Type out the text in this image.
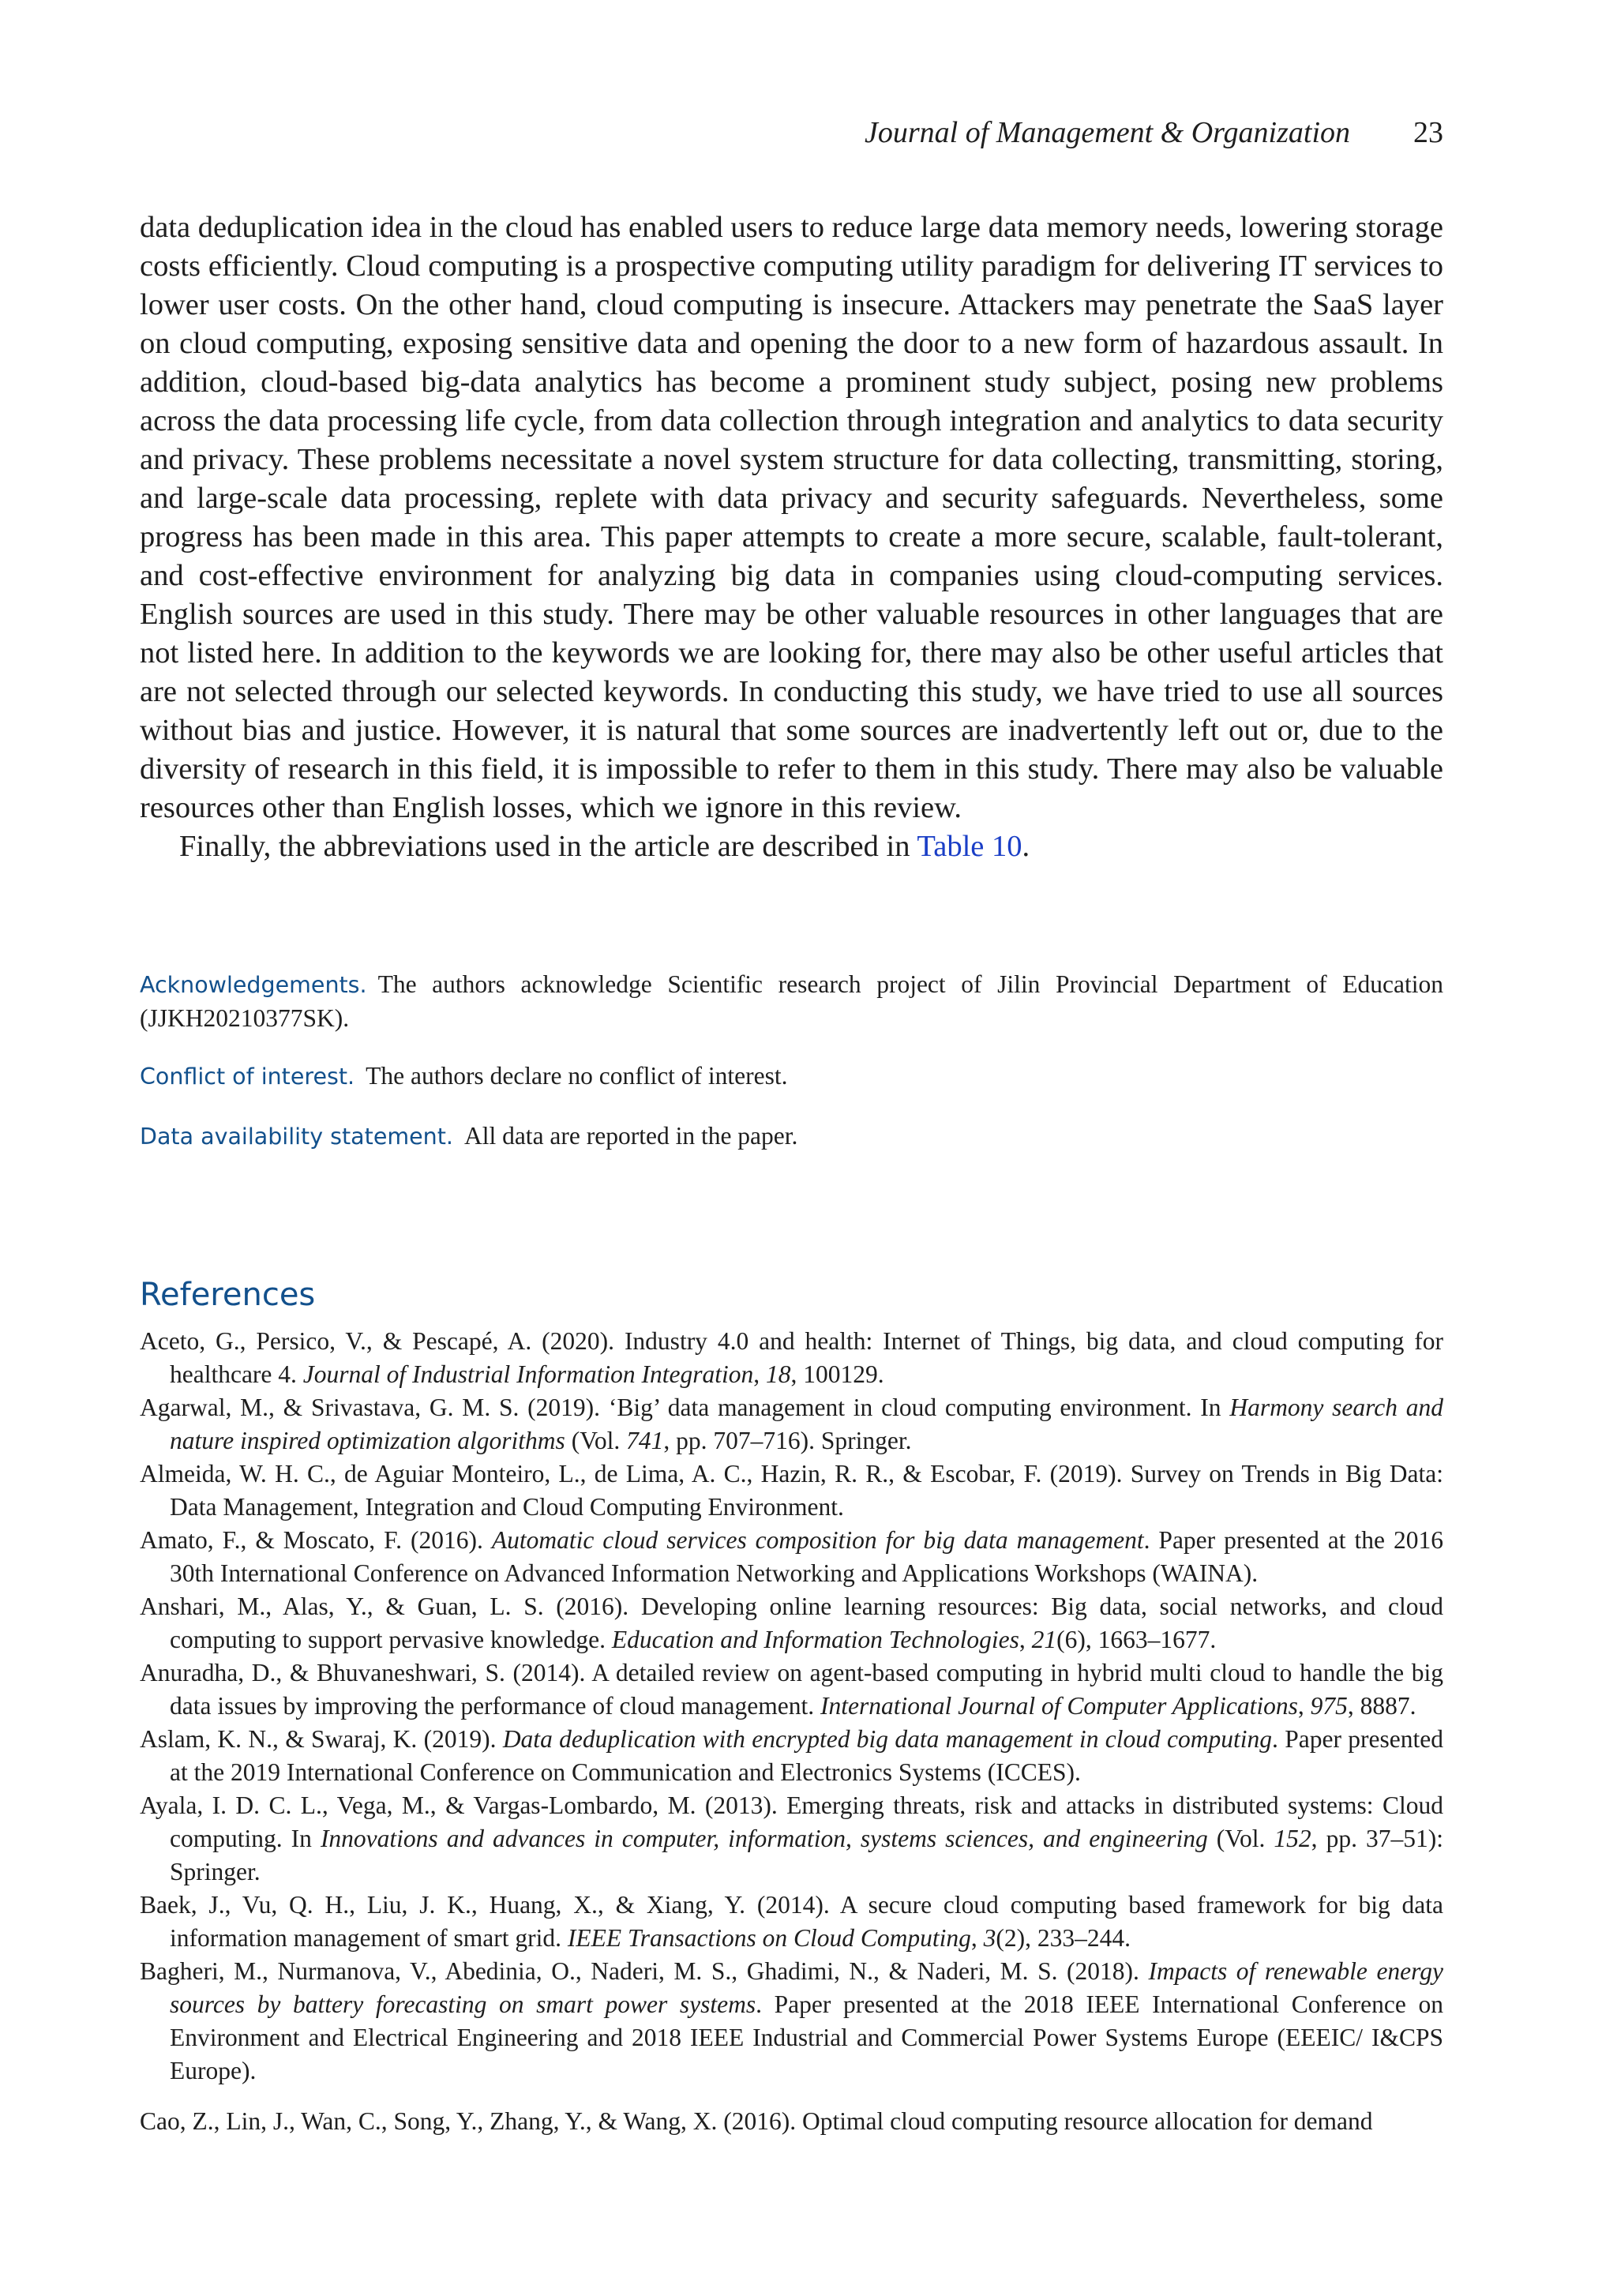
Journal of Management & Organization 23

data deduplication idea in the cloud has enabled users to reduce large data memory needs, lowering storage costs efficiently. Cloud computing is a prospective computing utility paradigm for delivering IT services to lower user costs. On the other hand, cloud computing is insecure. Attackers may penetrate the SaaS layer on cloud computing, exposing sensitive data and opening the door to a new form of hazardous assault. In addition, cloud-based big-data analytics has become a prominent study subject, posing new problems across the data processing life cycle, from data collection through integration and analytics to data security and privacy. These problems necessitate a novel system structure for data collecting, transmitting, storing, and large-scale data processing, replete with data privacy and security safeguards. Nevertheless, some progress has been made in this area. This paper attempts to create a more secure, scalable, fault-tolerant, and cost-effective environment for analyzing big data in companies using cloud-computing services. English sources are used in this study. There may be other valuable resources in other languages that are not listed here. In addition to the keywords we are looking for, there may also be other useful articles that are not selected through our selected keywords. In conducting this study, we have tried to use all sources without bias and justice. However, it is natural that some sources are inadvertently left out or, due to the diversity of research in this field, it is impossible to refer to them in this study. There may also be valuable resources other than English losses, which we ignore in this review.

Finally, the abbreviations used in the article are described in Table 10.

Acknowledgements. The authors acknowledge Scientific research project of Jilin Provincial Department of Education (JJKH20210377SK).
Conflict of interest. The authors declare no conflict of interest.
Data availability statement. All data are reported in the paper.
References
Aceto, G., Persico, V., & Pescapé, A. (2020). Industry 4.0 and health: Internet of Things, big data, and cloud computing for healthcare 4. Journal of Industrial Information Integration, 18, 100129.
Agarwal, M., & Srivastava, G. M. S. (2019). ‘Big’ data management in cloud computing environment. In Harmony search and nature inspired optimization algorithms (Vol. 741, pp. 707–716). Springer.
Almeida, W. H. C., de Aguiar Monteiro, L., de Lima, A. C., Hazin, R. R., & Escobar, F. (2019). Survey on Trends in Big Data: Data Management, Integration and Cloud Computing Environment.
Amato, F., & Moscato, F. (2016). Automatic cloud services composition for big data management. Paper presented at the 2016 30th International Conference on Advanced Information Networking and Applications Workshops (WAINA).
Anshari, M., Alas, Y., & Guan, L. S. (2016). Developing online learning resources: Big data, social networks, and cloud computing to support pervasive knowledge. Education and Information Technologies, 21(6), 1663–1677.
Anuradha, D., & Bhuvaneshwari, S. (2014). A detailed review on agent-based computing in hybrid multi cloud to handle the big data issues by improving the performance of cloud management. International Journal of Computer Applications, 975, 8887.
Aslam, K. N., & Swaraj, K. (2019). Data deduplication with encrypted big data management in cloud computing. Paper presented at the 2019 International Conference on Communication and Electronics Systems (ICCES).
Ayala, I. D. C. L., Vega, M., & Vargas-Lombardo, M. (2013). Emerging threats, risk and attacks in distributed systems: Cloud computing. In Innovations and advances in computer, information, systems sciences, and engineering (Vol. 152, pp. 37–51): Springer.
Baek, J., Vu, Q. H., Liu, J. K., Huang, X., & Xiang, Y. (2014). A secure cloud computing based framework for big data information management of smart grid. IEEE Transactions on Cloud Computing, 3(2), 233–244.
Bagheri, M., Nurmanova, V., Abedinia, O., Naderi, M. S., Ghadimi, N., & Naderi, M. S. (2018). Impacts of renewable energy sources by battery forecasting on smart power systems. Paper presented at the 2018 IEEE International Conference on Environment and Electrical Engineering and 2018 IEEE Industrial and Commercial Power Systems Europe (EEEIC/ I&CPS Europe).
Cao, Z., Lin, J., Wan, C., Song, Y., Zhang, Y., & Wang, X. (2016). Optimal cloud computing resource allocation for demand
